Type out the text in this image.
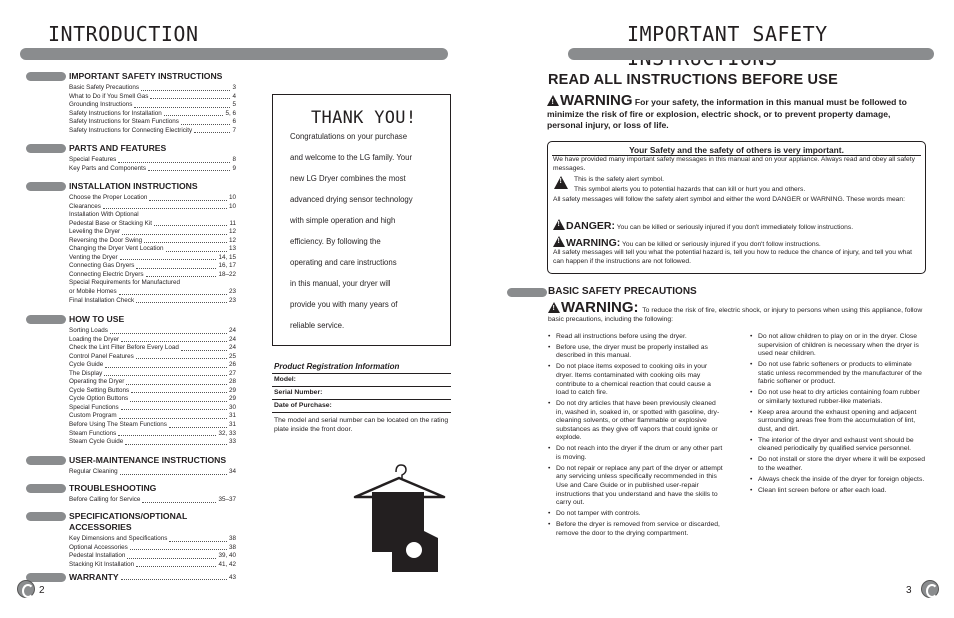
INTRODUCTION
IMPORTANT SAFETY INSTRUCTIONS
Basic Safety Precautions	3
What to Do if You Smell Gas	4
Grounding Instructions	5
Safety Instructions for Installation	5, 6
Safety Instructions for Steam Functions	6
Safety Instructions for Connecting Electricity	7
PARTS AND FEATURES
Special Features	8
Key Parts and Components	9
INSTALLATION INSTRUCTIONS
Choose the Proper Location	10
Clearances	10
Installation With Optional
Pedestal Base or Stacking Kit	11
Leveling the Dryer	12
Reversing the Door Swing	12
Changing the Dryer Vent Location	13
Venting the Dryer	14, 15
Connecting Gas Dryers	16, 17
Connecting Electric Dryers	18–22
Special Requirements for Manufactured
or Mobile Homes	23
Final Installation Check	23
HOW TO USE
Sorting Loads	24
Loading the Dryer	24
Check the Lint Filter Before Every Load	24
Control Panel Features	25
Cycle Guide	26
The Display	27
Operating the Dryer	28
Cycle Setting Buttons	29
Cycle Option Buttons	29
Special Functions	30
Custom Program	31
Before Using The Steam Functions	31
Steam Functions	32, 33
Steam Cycle Guide	33
USER-MAINTENANCE INSTRUCTIONS
Regular Cleaning	34
TROUBLESHOOTING
Before Calling for Service	35–37
SPECIFICATIONS/OPTIONAL ACCESSORIES
Key Dimensions and Specifications	38
Optional Accessories	38
Pedestal Installation	39, 40
Stacking Kit Installation	41, 42
WARRANTY	43
THANK YOU!
Congratulations on your purchase
and welcome to the LG family. Your
new LG Dryer combines the most
advanced drying sensor technology
with simple operation and high
efficiency. By following the
operating and care instructions
in this manual, your dryer will
provide you with many years of
reliable service.
Product Registration Information
Model:
Serial Number:
Date of Purchase:
The model and serial number can be located on the rating plate inside the front door.
2
IMPORTANT SAFETY
READ ALL INSTRUCTIONS BEFORE USE
!WARNING For your safety, the information in this manual must be followed to minimize the risk of fire or explosion, electric shock, or to prevent property damage, personal injury, or loss of life.
Your Safety and the safety of others is very important.
We have provided many important safety messages in this manual and on your appliance. Always read and obey all safety messages.
!
This is the safety alert symbol.
This symbol alerts you to potential hazards that can kill or hurt you and others.
All safety messages will follow the safety alert symbol and either the word DANGER or WARNING. These words mean:
!DANGER: You can be killed or seriously injured if you don't immediately follow instructions.
!WARNING: You can be killed or seriously injured if you don't follow instructions.
All safety messages will tell you what the potential hazard is, tell you how to reduce the chance of injury, and tell you what can happen if the instructions are not followed.
BASIC SAFETY PRECAUTIONS
!WARNING: To reduce the risk of fire, electric shock, or injury to persons when using this appliance, follow basic precautions, including the following:
• Read all instructions before using the dryer.
• Before use, the dryer must be properly installed as described in this manual.
• Do not place items exposed to cooking oils in your dryer. Items contaminated with cooking oils may contribute to a chemical reaction that could cause a load to catch fire.
• Do not dry articles that have been previously cleaned in, washed in, soaked in, or spotted with gasoline, dry-cleaning solvents, or other flammable or explosive substances as they give off vapors that could ignite or explode.
• Do not reach into the dryer if the drum or any other part is moving.
• Do not repair or replace any part of the dryer or attempt any servicing unless specifically recommended in this Use and Care Guide or in published user-repair instructions that you understand and have the skills to carry out.
• Do not tamper with controls.
• Before the dryer is removed from service or discarded, remove the door to the drying compartment.
• Do not allow children to play on or in the dryer. Close supervision of children is necessary when the dryer is used near children.
• Do not use fabric softeners or products to eliminate static unless recommended by the manufacturer of the fabric softener or product.
• Do not use heat to dry articles containing foam rubber or similarly textured rubber-like materials.
• Keep area around the exhaust opening and adjacent surrounding areas free from the accumulation of lint, dust, and dirt.
• The interior of the dryer and exhaust vent should be cleaned periodically by qualified service personnel.
• Do not install or store the dryer where it will be exposed to the weather.
• Always check the inside of the dryer for foreign objects.
• Clean lint screen before or after each load.
3
